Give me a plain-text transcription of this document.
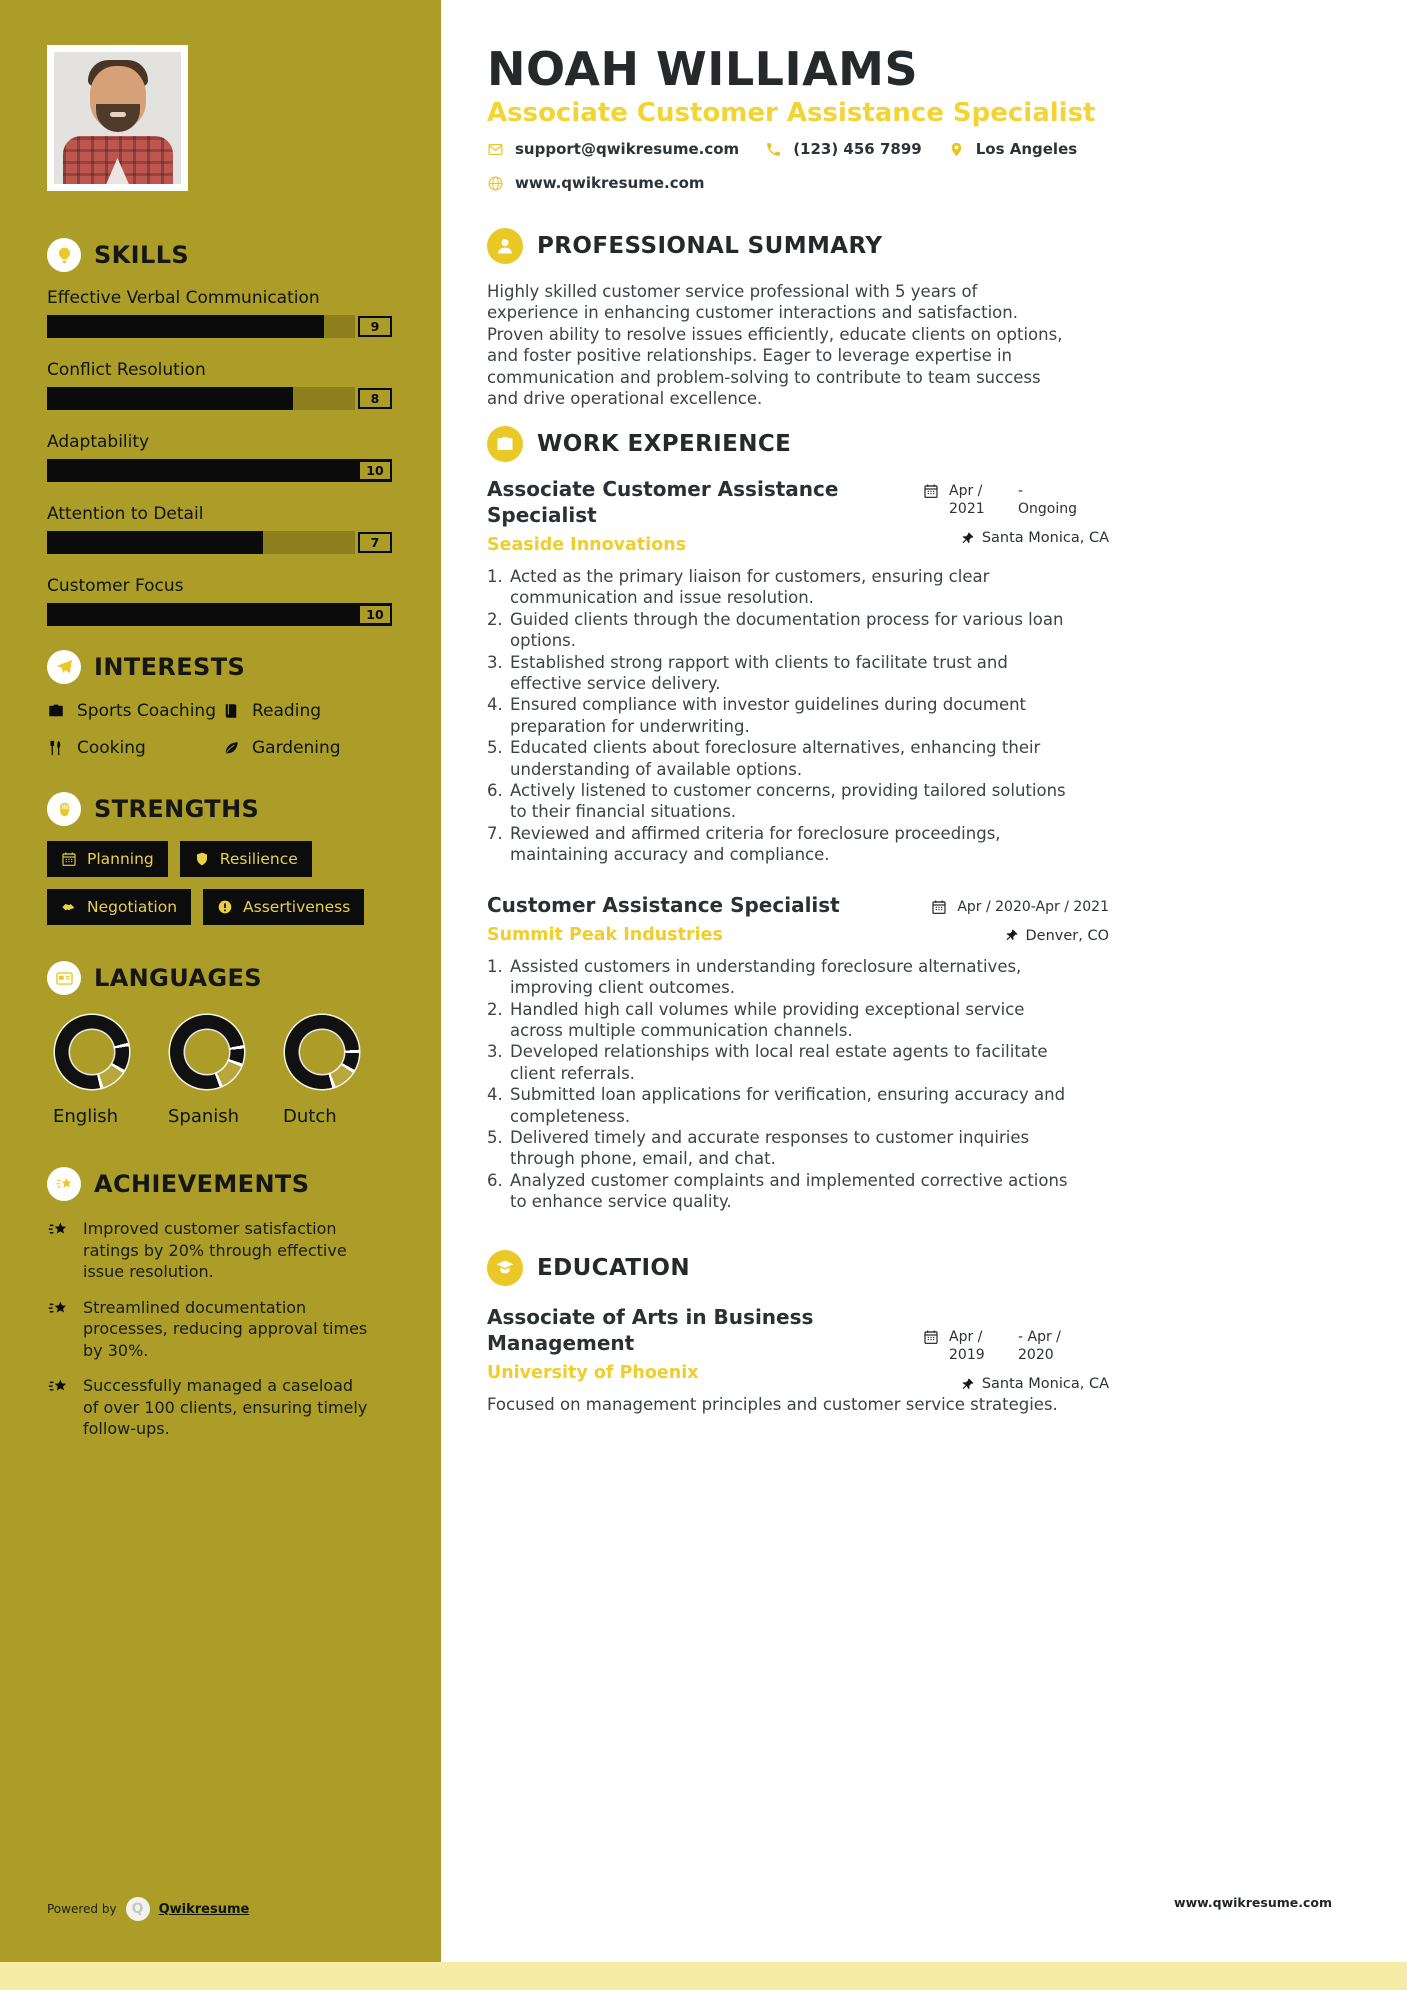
SKILLS
Effective Verbal Communication
9
Conflict Resolution
8
Adaptability
10
Attention to Detail
7
Customer Focus
10
INTERESTS
Sports Coaching Reading
Cooking	Gardening
STRENGTHS
Planning	Resilience
Negotiation	Assertiveness
LANGUAGES
English	Spanish Dutch
ACHIEVEMENTS
Improved customer satisfaction ratings by 20% through effective issue resolution.
Streamlined documentation processes, reducing approval times by 30%.
Successfully managed a caseload of over 100 clients, ensuring timely follow-ups.
Powered by	Q	Qwikresume
NOAH WILLIAMS
Associate Customer Assistance Specialist
support@qwikresume.com	(123) 456 7899	Los Angeles
www.qwikresume.com
PROFESSIONAL SUMMARY

Highly skilled customer service professional with 5 years of experience in enhancing customer interactions and satisfaction. Proven ability to resolve issues efficiently, educate clients on options, and foster positive relationships. Eager to leverage expertise in communication and problem-solving to contribute to team success and drive operational excellence.

WORK EXPERIENCE
Associate Customer Assistance Specialist
Seaside Innovations
Apr / 2021
- Ongoing
Santa Monica, CA
Acted as the primary liaison for customers, ensuring clear communication and issue resolution.
Guided clients through the documentation process for various loan options.
Established strong rapport with clients to facilitate trust and effective service delivery.
Ensured compliance with investor guidelines during document preparation for underwriting.
Educated clients about foreclosure alternatives, enhancing their understanding of available options.
Actively listened to customer concerns, providing tailored solutions to their financial situations.
Reviewed and affirmed criteria for foreclosure proceedings, maintaining accuracy and compliance.
Customer Assistance Specialist
Summit Peak Industries
Apr / 2020-Apr / 2021
Denver, CO
Assisted customers in understanding foreclosure alternatives, improving client outcomes.
Handled high call volumes while providing exceptional service across multiple communication channels.
Developed relationships with local real estate agents to facilitate client referrals.
Submitted loan applications for verification, ensuring accuracy and completeness.
Delivered timely and accurate responses to customer inquiries through phone, email, and chat.
Analyzed customer complaints and implemented corrective actions to enhance service quality.
EDUCATION
Associate of Arts in Business Management
University of Phoenix
Apr / 2019
- Apr / 2020
Santa Monica, CA

Focused on management principles and customer service strategies.

www.qwikresume.com
